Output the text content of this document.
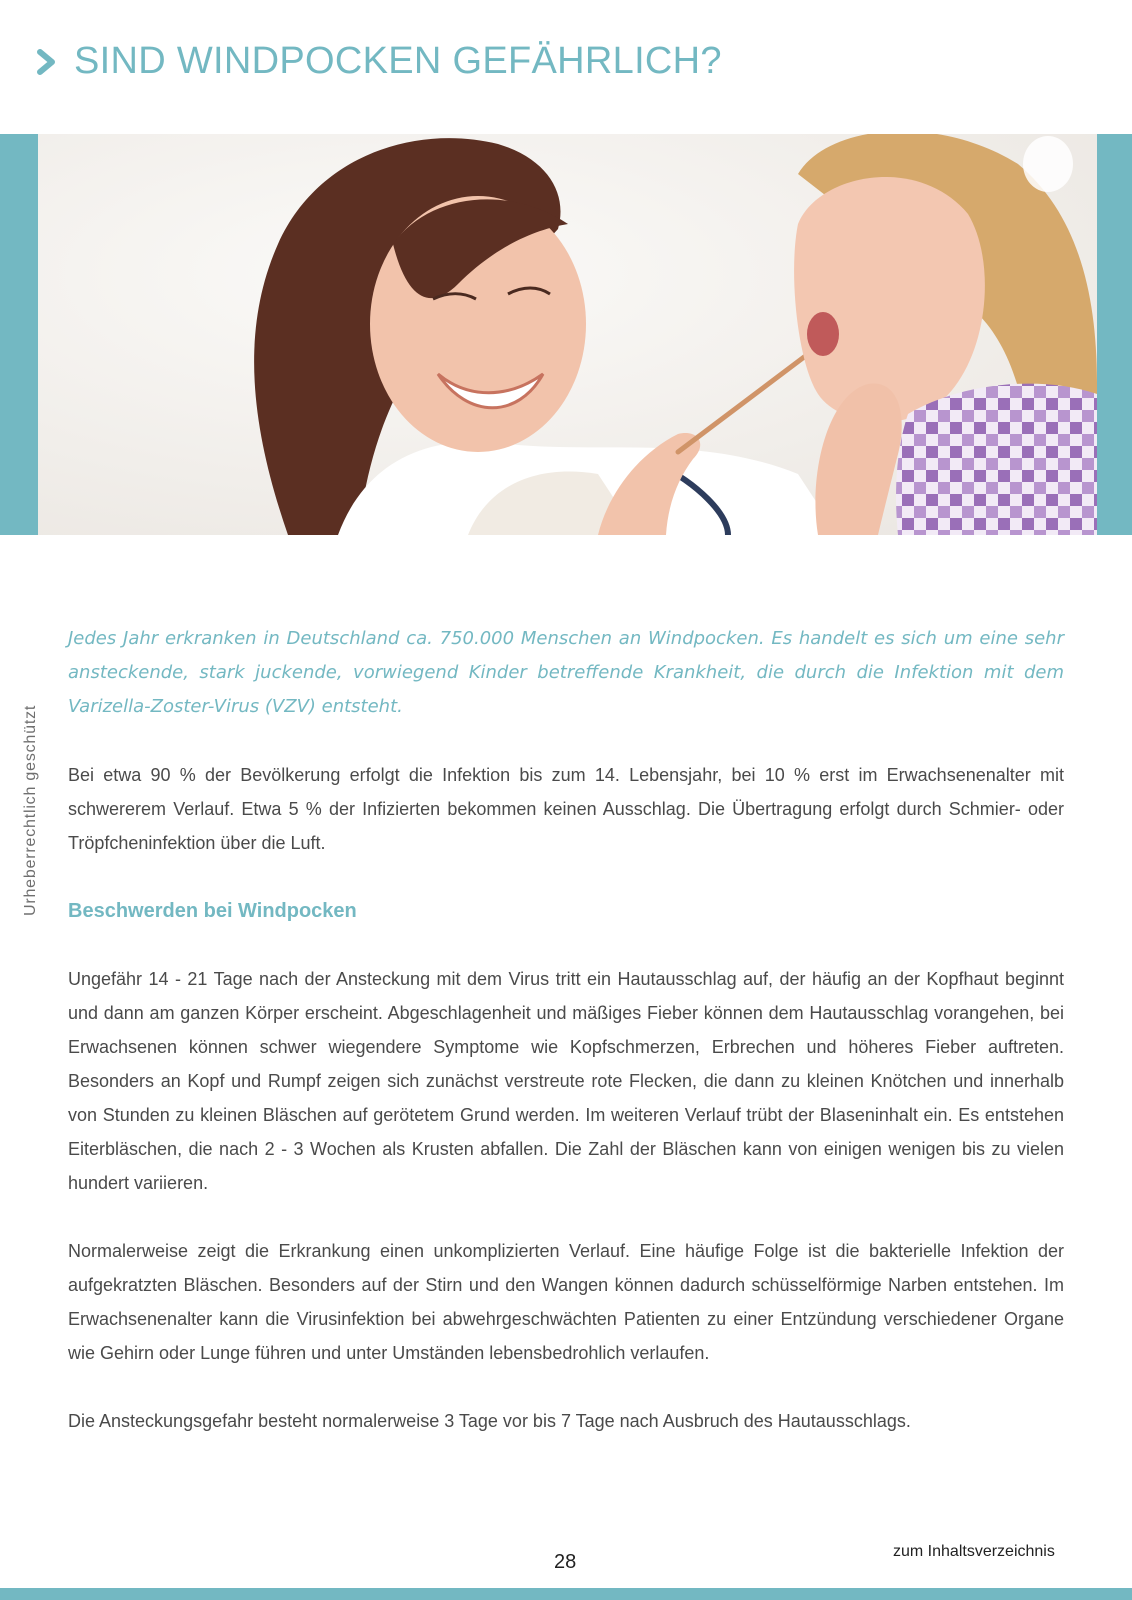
SIND WINDPOCKEN GEFÄHRLICH?
Urheberrechtlich geschützt

Jedes Jahr erkranken in Deutschland ca. 750.000 Menschen an Windpocken. Es handelt es sich um eine sehr ansteckende, stark juckende, vorwiegend Kinder betreffende Krankheit, die durch die Infektion mit dem Varizella-Zoster-Virus (VZV) entsteht.

Bei etwa 90 % der Bevölkerung erfolgt die Infektion bis zum 14. Lebensjahr, bei 10 % erst im Erwachsenenalter mit schwererem Verlauf. Etwa 5 % der Infizierten bekommen keinen Ausschlag. Die Übertragung erfolgt durch Schmier- oder Tröpfcheninfektion über die Luft.

Beschwerden bei Windpocken

Ungefähr 14 - 21 Tage nach der Ansteckung mit dem Virus tritt ein Hautausschlag auf, der häufig an der Kopfhaut beginnt und dann am ganzen Körper erscheint. Abgeschlagenheit und mäßiges Fieber können dem Hautausschlag vorangehen, bei Erwachsenen können schwer wiegendere Symptome wie Kopfschmerzen, Erbrechen und höheres Fieber auftreten. Besonders an Kopf und Rumpf zeigen sich zunächst verstreute rote Flecken, die dann zu kleinen Knötchen und innerhalb von Stunden zu kleinen Bläschen auf gerötetem Grund werden. Im weiteren Verlauf trübt der Blaseninhalt ein. Es entstehen Eiterbläschen, die nach 2 - 3 Wochen als Krusten abfallen. Die Zahl der Bläschen kann von einigen wenigen bis zu vielen hundert variieren.

Normalerweise zeigt die Erkrankung einen unkomplizierten Verlauf. Eine häufige Folge ist die bakterielle Infektion der aufgekratzten Bläschen. Besonders auf der Stirn und den Wangen können dadurch schüsselförmige Narben entstehen. Im Erwachsenenalter kann die Virusinfektion bei abwehrgeschwächten Patienten zu einer Entzündung verschiedener Organe wie Gehirn oder Lunge führen und unter Umständen lebensbedrohlich verlaufen.

Die Ansteckungsgefahr besteht normalerweise 3 Tage vor bis 7 Tage nach Ausbruch des Hautausschlags.

28	zum Inhaltsverzeichnis
